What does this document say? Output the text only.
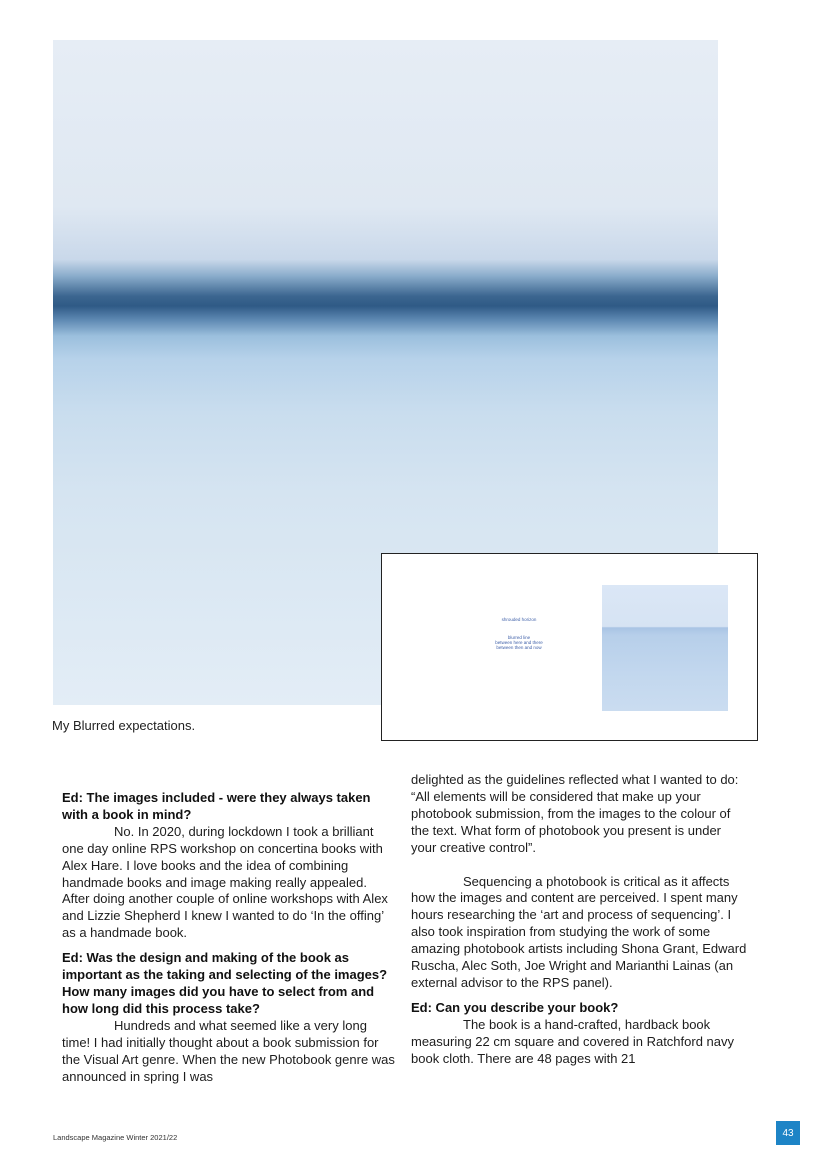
My Blurred expectations.
shrouded horizon
blurred line
between here and there
between then and now
Ed: The images included - were they always taken with a book in mind?

No. In 2020, during lockdown I took a brilliant one day online RPS workshop on concertina books with Alex Hare. I love books and the idea of combining handmade books and image making really appealed. After doing another couple of online workshops with Alex and Lizzie Shepherd I knew I wanted to do ‘In the offing’ as a handmade book.

Ed: Was the design and making of the book as important as the taking and selecting of the images? How many images did you have to select from and how long did this process take?

Hundreds and what seemed like a very long time! I had initially thought about a book submission for the Visual Art genre. When the new Photobook genre was announced in spring I was

delighted as the guidelines reflected what I wanted to do: “All elements will be considered that make up your photobook submission, from the images to the colour of the text. What form of photobook you present is under your creative control”.

Sequencing a photobook is critical as it affects how the images and content are perceived. I spent many hours researching the ‘art and process of sequencing’. I also took inspiration from studying the work of some amazing photobook artists including Shona Grant, Edward Ruscha, Alec Soth, Joe Wright and Marianthi Lainas (an external advisor to the RPS panel).

Ed: Can you describe your book?

The book is a hand-crafted, hardback book measuring 22 cm square and covered in Ratchford navy book cloth. There are 48 pages with 21

Landscape Magazine Winter 2021/22	43
